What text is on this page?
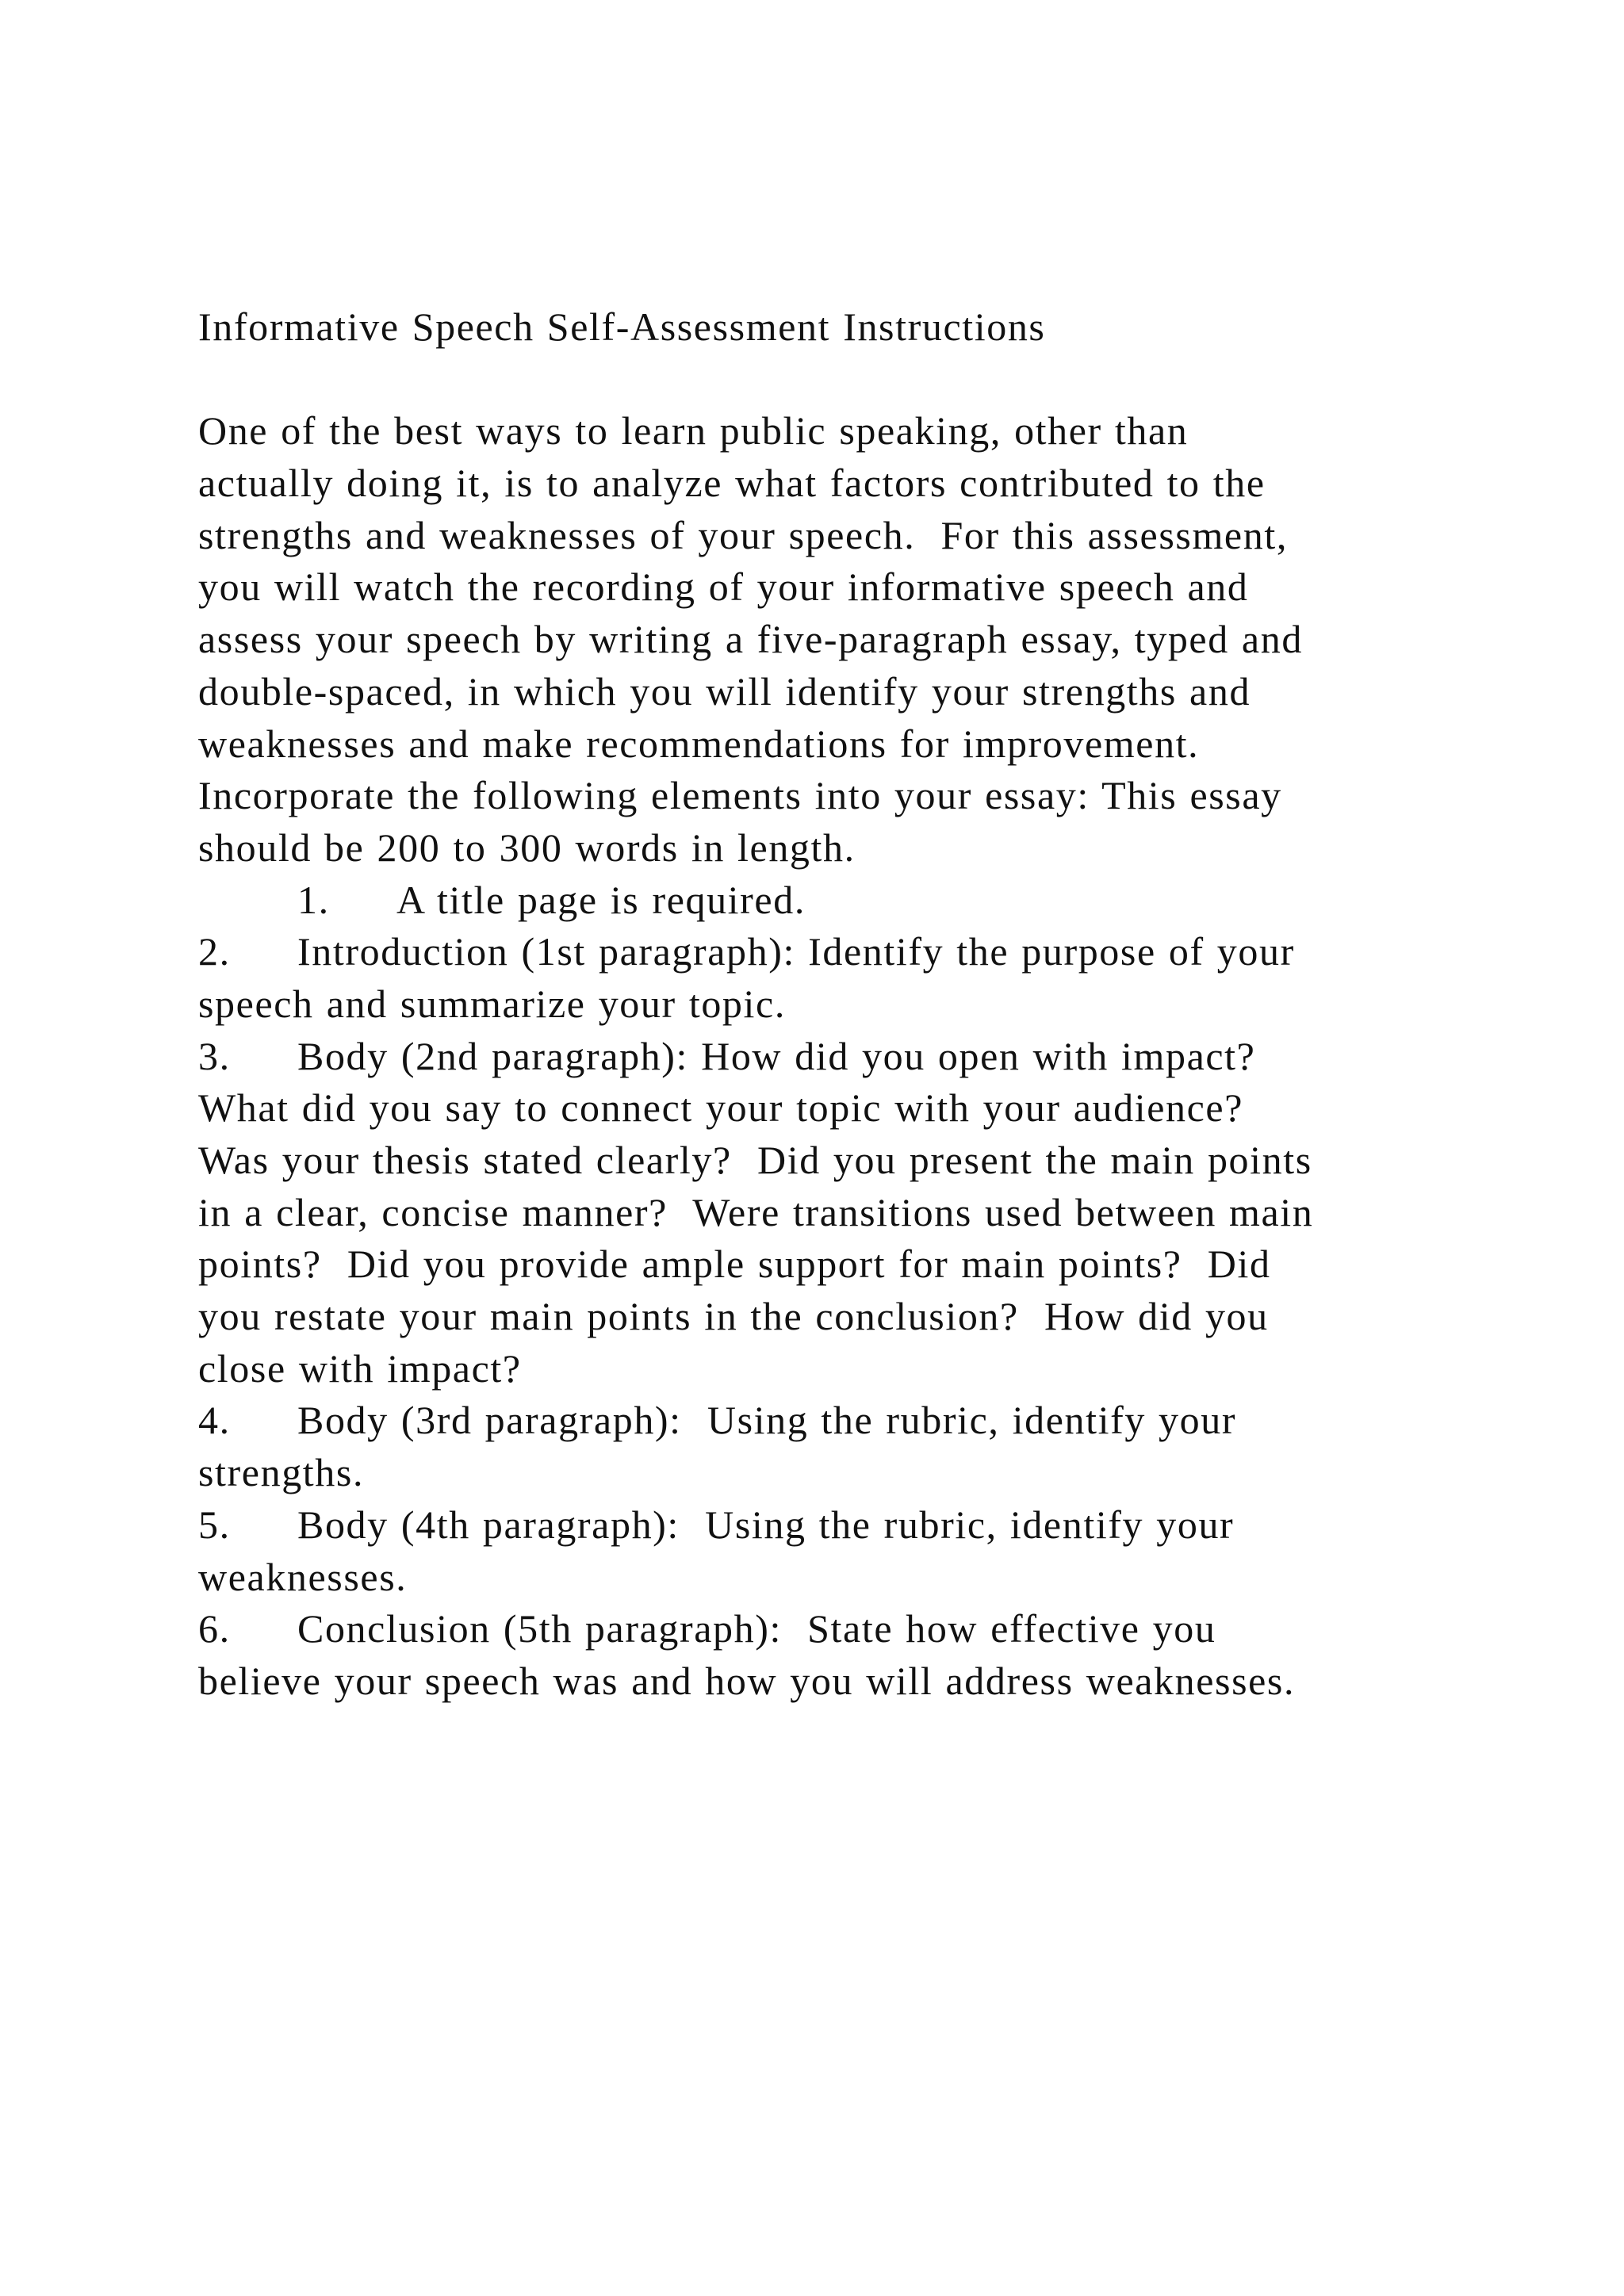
Informative Speech Self-Assessment Instructions
One of the best ways to learn public speaking, other than
actually doing it, is to analyze what factors contributed to the
strengths and weaknesses of your speech.  For this assessment,
you will watch the recording of your informative speech and
assess your speech by writing a five-paragraph essay, typed and
double-spaced, in which you will identify your strengths and
weaknesses and make recommendations for improvement.
Incorporate the following elements into your essay: This essay
should be 200 to 300 words in length.
1. A title page is required.
2. Introduction (1st paragraph): Identify the purpose of your
speech and summarize your topic.
3. Body (2nd paragraph): How did you open with impact?
What did you say to connect your topic with your audience?
Was your thesis stated clearly?  Did you present the main points
in a clear, concise manner?  Were transitions used between main
points?  Did you provide ample support for main points?  Did
you restate your main points in the conclusion?  How did you
close with impact?
4. Body (3rd paragraph):  Using the rubric, identify your
strengths.
5. Body (4th paragraph):  Using the rubric, identify your
weaknesses.
6. Conclusion (5th paragraph):  State how effective you
believe your speech was and how you will address weaknesses.
